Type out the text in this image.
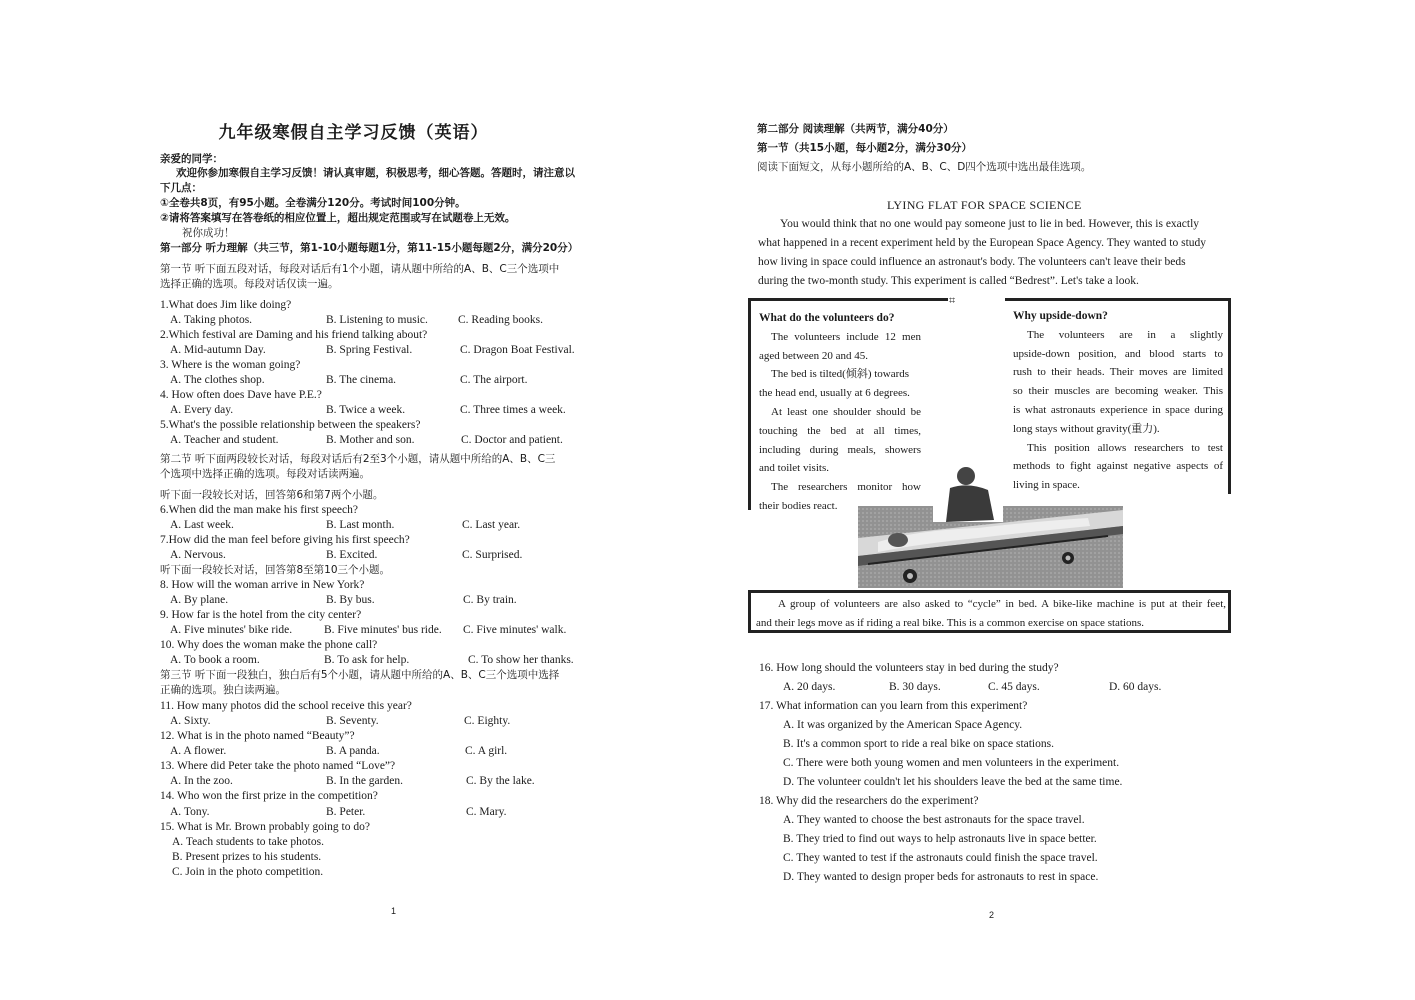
九年级寒假自主学习反馈（英语）
亲爱的同学：
欢迎你参加寒假自主学习反馈！请认真审题，积极思考，细心答题。答题时，请注意以
下几点：
①全卷共8页，有95小题。全卷满分120分。考试时间100分钟。
②请将答案填写在答卷纸的相应位置上，超出规定范围或写在试题卷上无效。
祝你成功！
第一部分 听力理解（共三节，第1-10小题每题1分，第11-15小题每题2分，满分20分）
第一节 听下面五段对话，每段对话后有1个小题，请从题中所给的A、B、C三个选项中
选择正确的选项。每段对话仅读一遍。
1.What does Jim like doing?
A. Taking photos.	B. Listening to music.	C. Reading books.
2.Which festival are Daming and his friend talking about?
A. Mid-autumn Day.	B. Spring Festival.	C. Dragon Boat Festival.
3. Where is the woman going?
A. The clothes shop.	B. The cinema.	C. The airport.
4. How often does Dave have P.E.?
A. Every day.	B. Twice a week.	C. Three times a week.
5.What's the possible relationship between the speakers?
A. Teacher and student.	B. Mother and son.	C. Doctor and patient.
第二节 听下面两段较长对话，每段对话后有2至3个小题，请从题中所给的A、B、C三
个选项中选择正确的选项。每段对话读两遍。
听下面一段较长对话，回答第6和第7两个小题。
6.When did the man make his first speech?
A. Last week.	B. Last month.	C. Last year.
7.How did the man feel before giving his first speech?
A. Nervous.	B. Excited.	C. Surprised.
听下面一段较长对话，回答第8至第10三个小题。
8. How will the woman arrive in New York?
A. By plane.	B. By bus.	C. By train.
9. How far is the hotel from the city center?
A. Five minutes' bike ride.	B. Five minutes' bus ride. C. Five minutes' walk.
10. Why does the woman make the phone call?
A. To book a room.	B. To ask for help.	C. To show her thanks.
第三节 听下面一段独白，独白后有5个小题，请从题中所给的A、B、C三个选项中选择
正确的选项。独白读两遍。
11. How many photos did the school receive this year?
A. Sixty.	B. Seventy.	C. Eighty.
12. What is in the photo named “Beauty”?
A. A flower.	B. A panda.	C. A girl.
13. Where did Peter take the photo named “Love”?
A. In the zoo.	B. In the garden.	C. By the lake.
14. Who won the first prize in the competition?
A. Tony.	B. Peter.	C. Mary.
15. What is Mr. Brown probably going to do?
A. Teach students to take photos.
B. Present prizes to his students.
C. Join in the photo competition.
1
第二部分 阅读理解（共两节，满分40分）
第一节（共15小题，每小题2分，满分30分）
阅读下面短文，从每小题所给的A、B、C、D四个选项中选出最佳选项。
LYING FLAT FOR SPACE SCIENCE
You would think that no one would pay someone just to lie in bed. However, this is exactly
what happened in a recent experiment held by the European Space Agency. They wanted to study
how living in space could influence an astronaut's body. The volunteers can't leave their beds
during the two-month study. This experiment is called “Bedrest”. Let's take a look.
⌗
What do the volunteers do?
The volunteers include 12 men
aged between 20 and 45.
The bed is tilted(倾斜) towards
the head end, usually at 6 degrees.
At least one shoulder should be
touching the bed at all times,
including during meals, showers
and toilet visits.
The researchers monitor how
their bodies react.
Why upside-down?
The volunteers are in a slightly
upside-down position, and blood starts to
rush to their heads. Their moves are limited
so their muscles are becoming weaker. This
is what astronauts experience in space during
long stays without gravity(重力).
This position allows researchers to test
methods to fight against negative aspects of
living in space.
A group of volunteers are also asked to “cycle” in bed. A bike-like machine is put at their feet,
and their legs move as if riding a real bike. This is a common exercise on space stations.
16. How long should the volunteers stay in bed during the study?
A. 20 days.	B. 30 days.	C. 45 days.	D. 60 days.
17. What information can you learn from this experiment?
A. It was organized by the American Space Agency.
B. It's a common sport to ride a real bike on space stations.
C. There were both young women and men volunteers in the experiment.
D. The volunteer couldn't let his shoulders leave the bed at the same time.
18. Why did the researchers do the experiment?
A. They wanted to choose the best astronauts for the space travel.
B. They tried to find out ways to help astronauts live in space better.
C. They wanted to test if the astronauts could finish the space travel.
D. They wanted to design proper beds for astronauts to rest in space.
2
